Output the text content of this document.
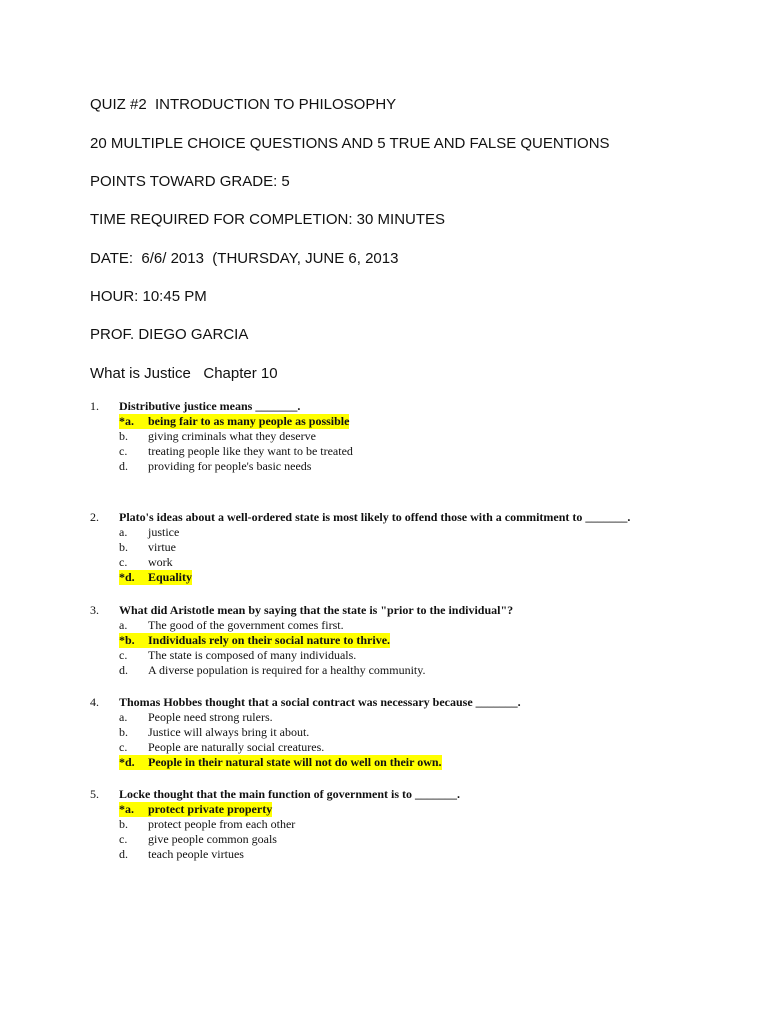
QUIZ #2  INTRODUCTION TO PHILOSOPHY
20 MULTIPLE CHOICE QUESTIONS AND 5 TRUE AND FALSE QUENTIONS
POINTS TOWARD GRADE: 5
TIME REQUIRED FOR COMPLETION: 30 MINUTES
DATE:  6/6/ 2013  (THURSDAY, JUNE 6, 2013
HOUR: 10:45 PM
PROF. DIEGO GARCIA
What is Justice   Chapter 10
1.	Distributive justice means _______.
*a.	being fair to as many people as possible
b.	giving criminals what they deserve
c.	treating people like they want to be treated
d.	providing for people's basic needs
2.	Plato's ideas about a well-ordered state is most likely to offend those with a commitment to _______.
a.	justice
b.	virtue
c.	work
*d.	Equality
3.	What did Aristotle mean by saying that the state is "prior to the individual"?
a.	The good of the government comes first.
*b.	Individuals rely on their social nature to thrive.
c.	The state is composed of many individuals.
d.	A diverse population is required for a healthy community.
4.	Thomas Hobbes thought that a social contract was necessary because _______.
a.	People need strong rulers.
b.	Justice will always bring it about.
c.	People are naturally social creatures.
*d.	People in their natural state will not do well on their own.
5.	Locke thought that the main function of government is to _______.
*a.	protect private property
b.	protect people from each other
c.	give people common goals
d.	teach people virtues
